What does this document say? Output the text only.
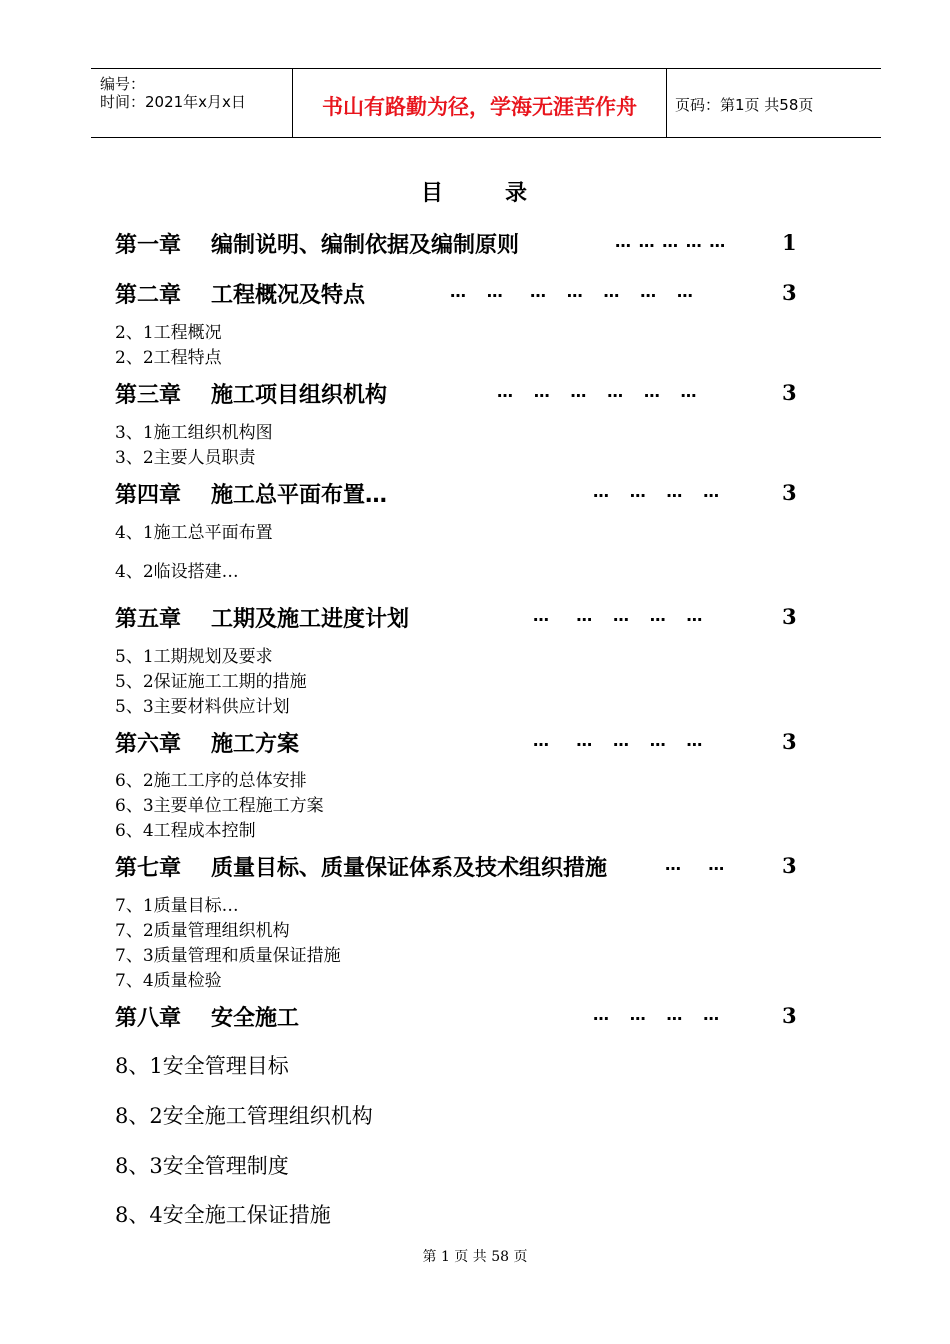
编号：
时间：2021年x月x日	书山有路勤为径，学海无涯苦作舟	页码：第1页 共58页
目	录
第一章 编制说明、编制依据及编制原则	… … … … …	1
第二章 工程概况及特点	…   …    …   …   …   …   …	3
2、1工程概况
2、2工程特点
第三章 施工项目组织机构	…   …   …   …   …   …	3
3、1施工组织机构图
3、2主要人员职责
第四章 施工总平面布置…	…   …   …   …	3
4、1施工总平面布置
4、2临设搭建…
第五章 工期及施工进度计划	…    …   …   …   …	3
5、1工期规划及要求
5、2保证施工工期的措施
5、3主要材料供应计划
第六章 施工方案	…    …   …   …   …	3
6、2施工工序的总体安排
6、3主要单位工程施工方案
6、4工程成本控制
第七章 质量目标、质量保证体系及技术组织措施	…    …	3
7、1质量目标…
7、2质量管理组织机构
7、3质量管理和质量保证措施
7、4质量检验
第八章 安全施工	…   …   …   …	3
8、1安全管理目标
8、2安全施工管理组织机构
8、3安全管理制度
8、4安全施工保证措施
第 1 页 共 58 页
